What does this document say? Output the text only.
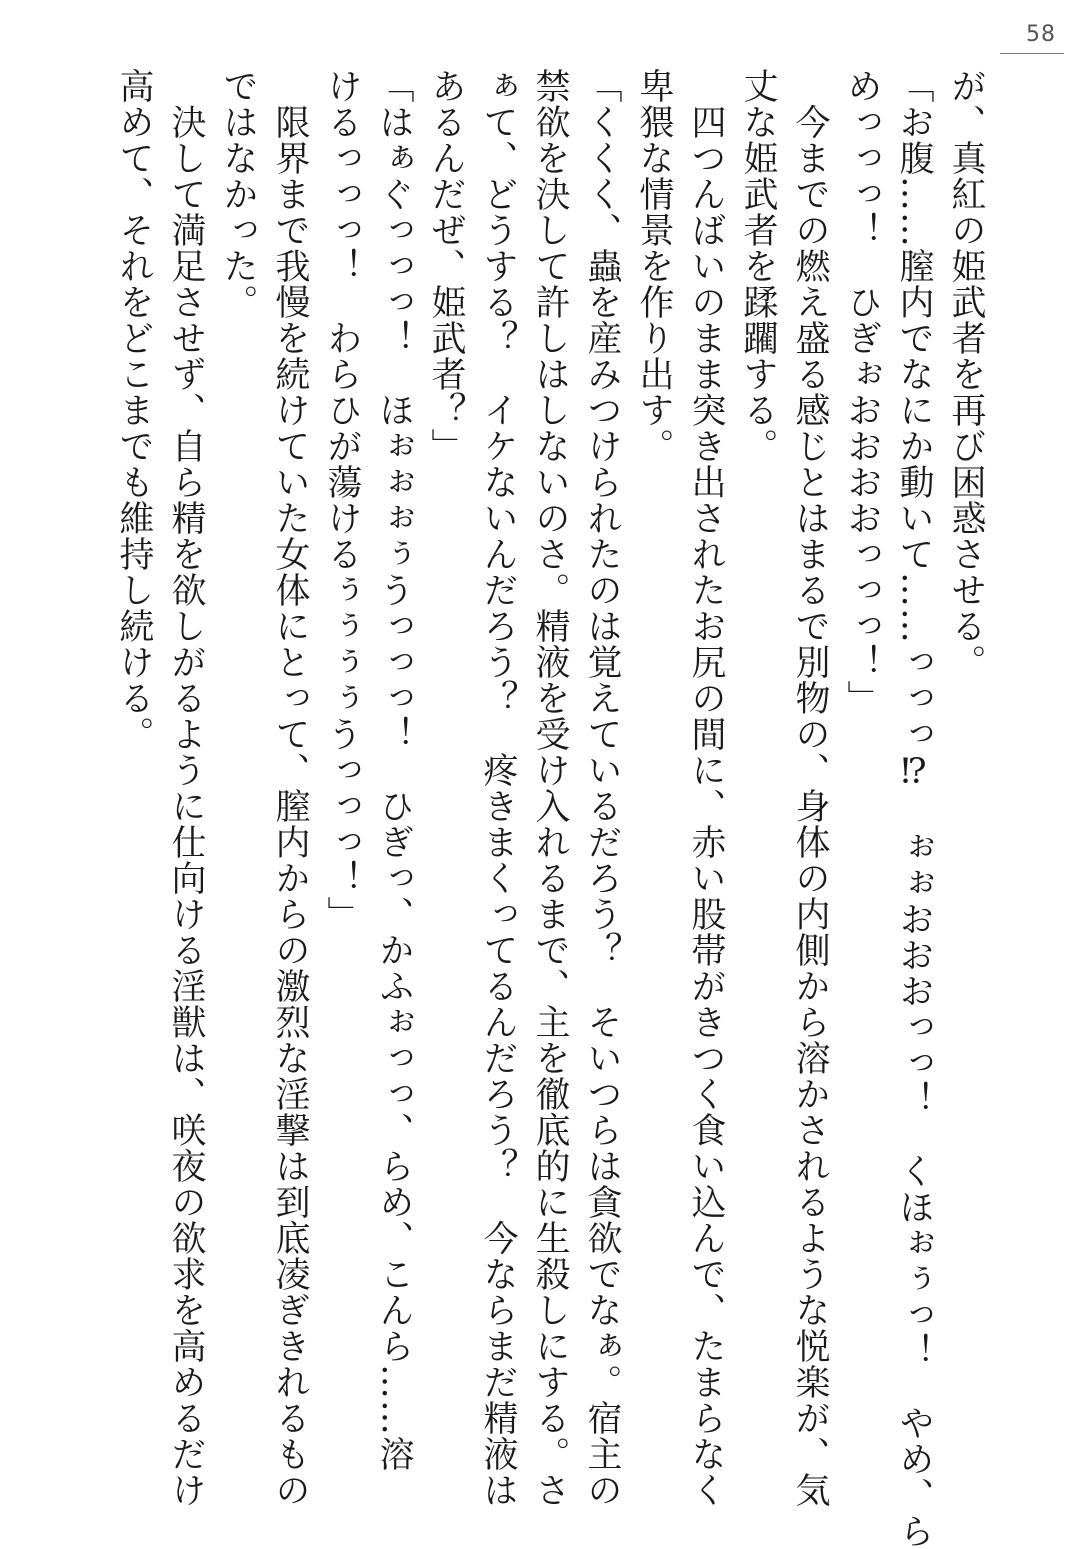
58
が、真紅の姫武者を再び困惑させる。
「お腹……膣内でなにか動いて……っっっ⁉　ぉぉおおおっっ！　くほぉぅっ！　やめ、ら
めっっっ！　ひぎぉおおおおっっっ！」
　今までの燃え盛る感じとはまるで別物の、身体の内側から溶かされるような悦楽が、気
丈な姫武者を蹂躙する。
　四つんばいのまま突き出されたお尻の間に、赤い股帯がきつく食い込んで、たまらなく
卑猥な情景を作り出す。
「くくく、蟲を産みつけられたのは覚えているだろう？　そいつらは貪欲でなぁ。宿主の
禁欲を決して許しはしないのさ。精液を受け入れるまで、主を徹底的に生殺しにする。さ
ぁて、どうする？　イケないんだろう？　疼きまくってるんだろう？　今ならまだ精液は
あるんだぜ、姫武者？」
「はぁぐっっっ！　ほぉぉぉぅうっっっ！　ひぎっ、かふぉっっ、らめ、こんら……溶
けるっっっ！　わらひが蕩けるぅぅぅぅうっっっ！」
　限界まで我慢を続けていた女体にとって、膣内からの激烈な淫撃は到底凌ぎきれるもの
ではなかった。
　決して満足させず、自ら精を欲しがるように仕向ける淫獣は、咲夜の欲求を高めるだけ
高めて、それをどこまでも維持し続ける。
